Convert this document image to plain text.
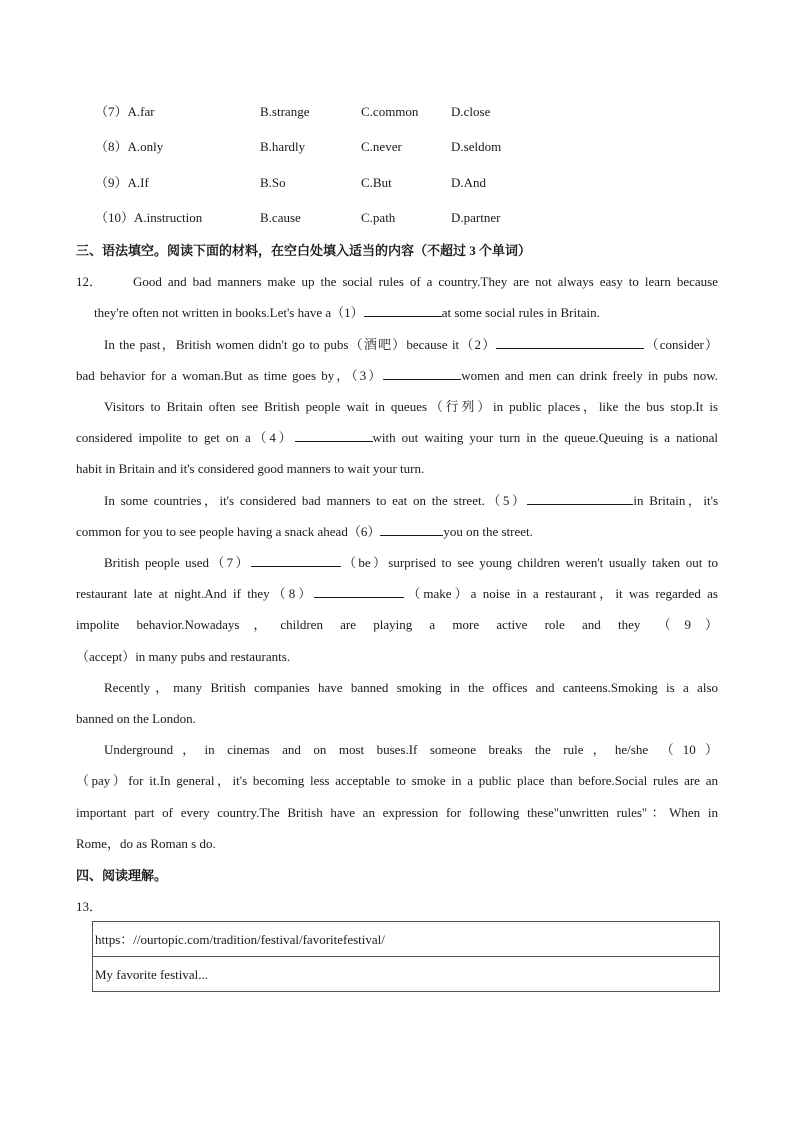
（7）A.far	B.strange	C.common	D.close
（8）A.only	B.hardly	C.never	D.seldom
（9）A.If	B.So	C.But	D.And
（10）A.instruction	B.cause	C.path	D.partner
三、语法填空。阅读下面的材料，在空白处填入适当的内容（不超过 3 个单词）
12． Good and bad manners make up the social rules of a country.They are not always easy to learn because
they're often not written in books.Let's have a（1）	at some social rules in Britain.
In the past，British women didn't go to pubs（酒吧）because it（2）	（consider）
bad behavior for a woman.But as time goes by，（3）	women and men can drink freely in pubs now.
Visitors to Britain often see British people wait in queues（行列）in public places，like the bus stop.It is
considered impolite to get on a（4）	with out waiting your turn in the queue.Queuing is a national
habit in Britain and it's considered good manners to wait your turn.
In some countries，it's considered bad manners to eat on the street.（5）	in Britain，it's
common for you to see people having a snack ahead（6）	you on the street.
British people used（7）	（be）surprised to see young children weren't usually taken out to
restaurant late at night.And if they（8）	（make）a noise in a restaurant，it was regarded as
impolite behavior.Nowadays，children are playing a more active role and they （9）
（accept）in many pubs and restaurants.
Recently，many British companies have banned smoking in the offices and canteens.Smoking is a also
banned on the London.
Underground，in cinemas and on most buses.If someone breaks the rule，he/she （10）
（pay）for it.In general，it's becoming less acceptable to smoke in a public place than before.Social rules are an
important part of every country.The British have an expression for following these"unwritten rules"：When in
Rome，do as Roman s do.
四、阅读理解。
13．
https：//ourtopic.com/tradition/festival/favoritefestival/
My favorite festival...
